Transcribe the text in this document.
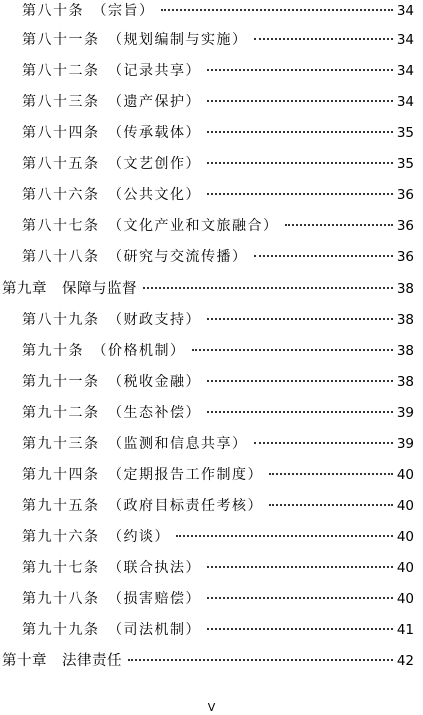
第八十条　（宗旨）	34
第八十一条　（规划编制与实施）	34
第八十二条　（记录共享）	34
第八十三条　（遗产保护）	34
第八十四条　（传承载体）	35
第八十五条　（文艺创作）	35
第八十六条　（公共文化）	36
第八十七条　（文化产业和文旅融合）	36
第八十八条　（研究与交流传播）	36
第九章　保障与监督	38
第八十九条　（财政支持）	38
第九十条　（价格机制）	38
第九十一条　（税收金融）	38
第九十二条　（生态补偿）	39
第九十三条　（监测和信息共享）	39
第九十四条　（定期报告工作制度）	40
第九十五条　（政府目标责任考核）	40
第九十六条　（约谈）	40
第九十七条　（联合执法）	40
第九十八条　（损害赔偿）	40
第九十九条　（司法机制）	41
第十章　法律责任	42
V
